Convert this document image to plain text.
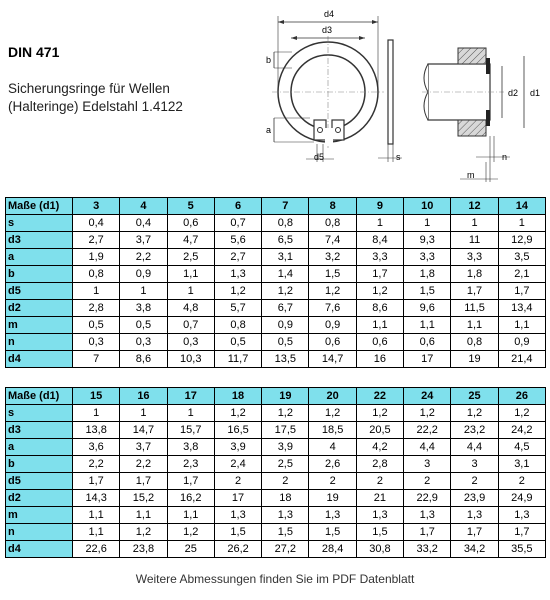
DIN 471
Sicherungsringe für Wellen
(Halteringe) Edelstahl 1.4122
d4
d3
b
a
d5	s
d2 d1
n
m
Maße (d1)	3	4	5	6	7	8	9	10	12	14
s	0,4	0,4	0,6	0,7	0,8	0,8	1	1	1	1
d3	2,7	3,7	4,7	5,6	6,5	7,4	8,4	9,3	11	12,9
a	1,9	2,2	2,5	2,7	3,1	3,2	3,3	3,3	3,3	3,5
b	0,8	0,9	1,1	1,3	1,4	1,5	1,7	1,8	1,8	2,1
d5	1	1	1	1,2	1,2	1,2	1,2	1,5	1,7	1,7
d2	2,8	3,8	4,8	5,7	6,7	7,6	8,6	9,6	11,5	13,4
m	0,5	0,5	0,7	0,8	0,9	0,9	1,1	1,1	1,1	1,1
n	0,3	0,3	0,3	0,5	0,5	0,6	0,6	0,6	0,8	0,9
d4	7	8,6	10,3	11,7	13,5	14,7	16	17	19	21,4
Maße (d1)	15	16	17	18	19	20	22	24	25	26
s	1	1	1	1,2	1,2	1,2	1,2	1,2	1,2	1,2
d3	13,8	14,7	15,7	16,5	17,5	18,5	20,5	22,2	23,2	24,2
a	3,6	3,7	3,8	3,9	3,9	4	4,2	4,4	4,4	4,5
b	2,2	2,2	2,3	2,4	2,5	2,6	2,8	3	3	3,1
d5	1,7	1,7	1,7	2	2	2	2	2	2	2
d2	14,3	15,2	16,2	17	18	19	21	22,9	23,9	24,9
m	1,1	1,1	1,1	1,3	1,3	1,3	1,3	1,3	1,3	1,3
n	1,1	1,2	1,2	1,5	1,5	1,5	1,5	1,7	1,7	1,7
d4	22,6	23,8	25	26,2	27,2	28,4	30,8	33,2	34,2	35,5
Weitere Abmessungen finden Sie im PDF Datenblatt
